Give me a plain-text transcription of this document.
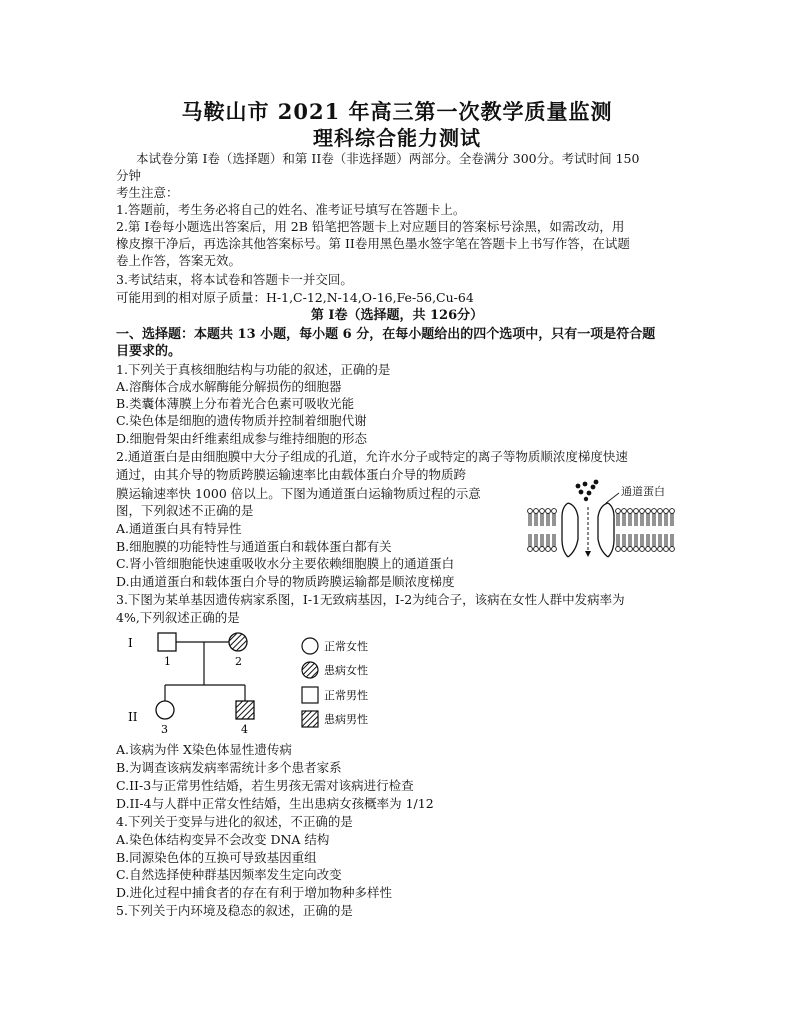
马鞍山市 2021 年高三第一次教学质量监测
理科综合能力测试
本试卷分第 I卷（选择题）和第 II卷（非选择题）两部分。全卷满分 300分。考试时间 150
分钟
考生注意：
1.答题前，考生务必将自己的姓名、准考证号填写在答题卡上。
2.第 I卷每小题选出答案后，用 2B 铅笔把答题卡上对应题目的答案标号涂黑，如需改动，用
橡皮擦干净后，再选涂其他答案标号。第 II卷用黑色墨水签字笔在答题卡上书写作答，在试题
卷上作答，答案无效。
3.考试结束，将本试卷和答题卡一并交回。
可能用到的相对原子质量：H-1,C-12,N-14,O-16,Fe-56,Cu-64
第 I卷（选择题，共 126分）
一、选择题：本题共 13 小题，每小题 6 分，在每小题给出的四个选项中，只有一项是符合题
目要求的。
1.下列关于真核细胞结构与功能的叙述，正确的是
A.溶酶体合成水解酶能分解损伤的细胞器
B.类囊体薄膜上分布着光合色素可吸收光能
C.染色体是细胞的遗传物质并控制着细胞代谢
D.细胞骨架由纤维素组成参与维持细胞的形态
2.通道蛋白是由细胞膜中大分子组成的孔道，允许水分子或特定的离子等物质顺浓度梯度快速
通过，由其介导的物质跨膜运输速率比由载体蛋白介导的物质跨
膜运输速率快 1000 倍以上。下图为通道蛋白运输物质过程的示意
图，下列叙述不正确的是
A.通道蛋白具有特异性
B.细胞膜的功能特性与通道蛋白和载体蛋白都有关
C.肾小管细胞能快速重吸收水分主要依赖细胞膜上的通道蛋白
D.由通道蛋白和载体蛋白介导的物质跨膜运输都是顺浓度梯度
通道蛋白
3.下图为某单基因遗传病家系图，I-1无致病基因，I-2为纯合子，该病在女性人群中发病率为
4%,下列叙述正确的是
I
II
1	2
3	4
正常女性
患病女性
正常男性
患病男性
A.该病为伴 X染色体显性遗传病
B.为调查该病发病率需统计多个患者家系
C.II-3与正常男性结婚，若生男孩无需对该病进行检查
D.II-4与人群中正常女性结婚，生出患病女孩概率为 1/12
4.下列关于变异与进化的叙述，不正确的是
A.染色体结构变异不会改变 DNA 结构
B.同源染色体的互换可导致基因重组
C.自然选择使种群基因频率发生定向改变
D.进化过程中捕食者的存在有利于增加物种多样性
5.下列关于内环境及稳态的叙述，正确的是
